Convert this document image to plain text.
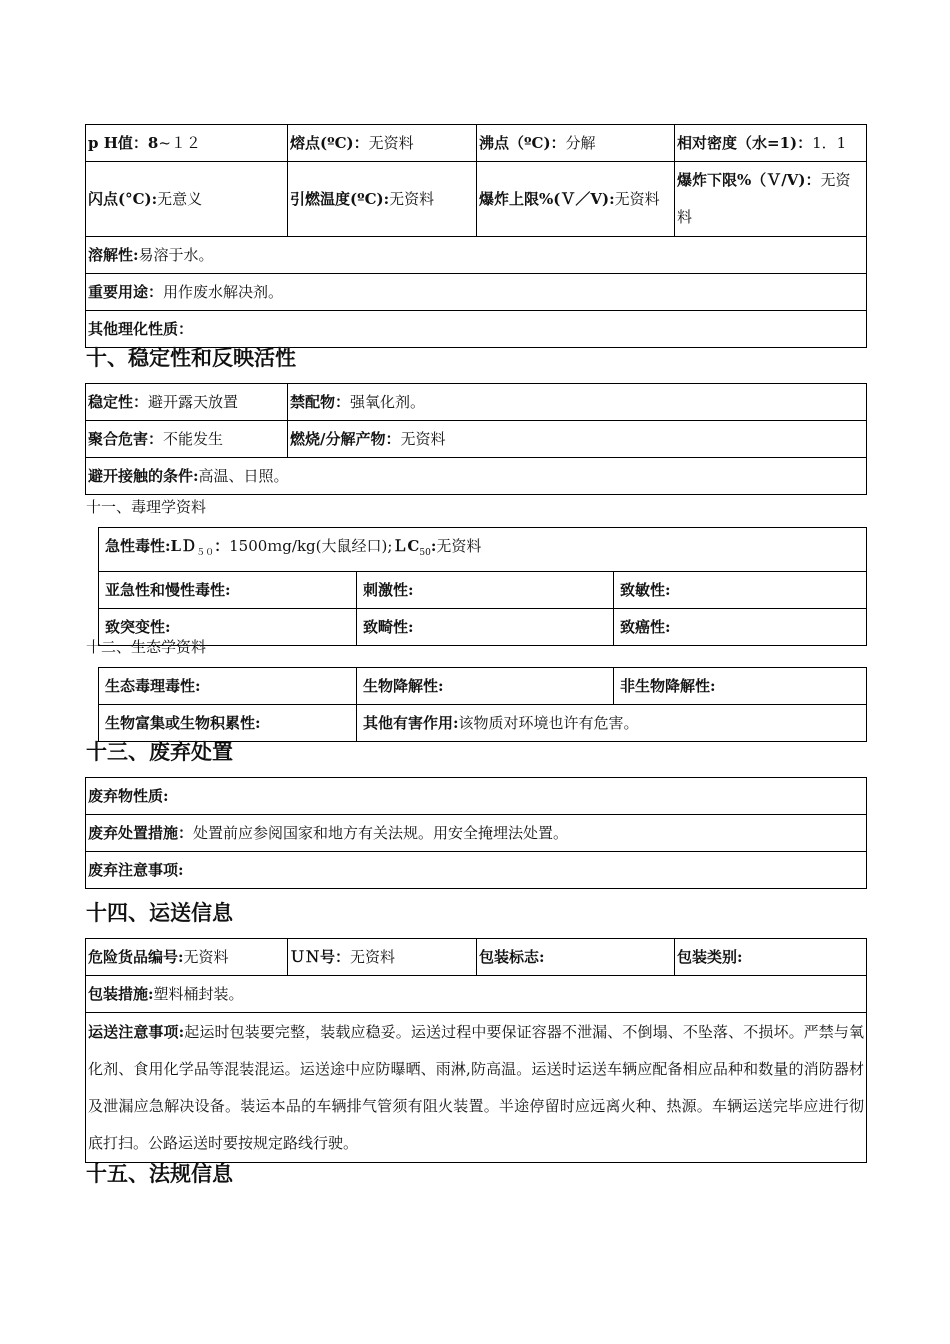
p H值：8~１２	熔点(ºC)：无资料	沸点（ºC)：分解	相对密度（水=1)：1．1
闪点(°C):无意义	引燃温度(ºC):无资料	爆炸上限%(Ｖ／V):无资料	爆炸下限%（Ｖ/V)：无资料
溶解性:易溶于水。			
重要用途：用作废水解决剂。			
其他理化性质：			
十、稳定性和反映活性
稳定性：避开露天放置	禁配物：强氧化剂。
聚合危害：不能发生	燃烧/分解产物：无资料
避开接触的条件:高温、日照。	
十一、毒理学资料
急性毒性:LＤ$_{50}$：1500ｍg/kg(大鼠经口);ＬC$_{50}$:无资料		
亚急性和慢性毒性:	刺激性:	致敏性:
致突变性:	致畸性:	致癌性:
十二、生态学资料
生态毒理毒性:	生物降解性:	非生物降解性:
生物富集或生物积累性:	其他有害作用:该物质对环境也许有危害。	
十三、废弃处置
废弃物性质:
废弃处置措施：处置前应参阅国家和地方有关法规。用安全掩埋法处置。
废弃注意事项:
十四、运送信息
危险货品编号:无资料	ＵＮ号：无资料	包装标志:	包装类别:
包装措施:塑料桶封装。
运送注意事项:起运时包装要完整，装载应稳妥。运送过程中要保证容器不泄漏、不倒塌、不坠落、不损坏。严禁与氧化剂、食用化学品等混装混运。运送途中应防曝晒、雨淋,防高温。运送时运送车辆应配备相应品种和数量的消防器材及泄漏应急解决设备。装运本品的车辆排气管须有阻火装置。半途停留时应远离火种、热源。车辆运送完毕应进行彻底打扫。公路运送时要按规定路线行驶。
十五、法规信息
